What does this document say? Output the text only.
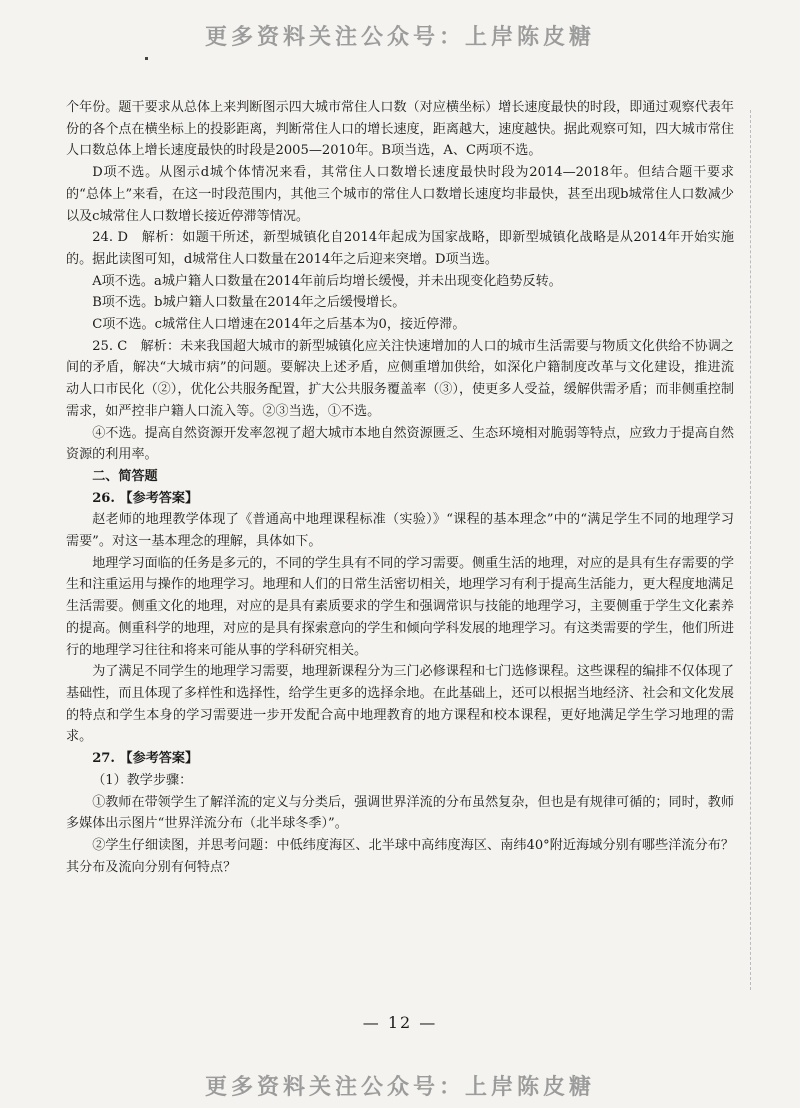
更多资料关注公众号：上岸陈皮糖

个年份。题干要求从总体上来判断图示四大城市常住人口数（对应横坐标）增长速度最快的时段，即通过观察代表年份的各个点在横坐标上的投影距离，判断常住人口的增长速度，距离越大，速度越快。据此观察可知，四大城市常住人口数总体上增长速度最快的时段是2005—2010年。B项当选，A、C两项不选。

D项不选。从图示d城个体情况来看，其常住人口数增长速度最快时段为2014—2018年。但结合题干要求的“总体上”来看，在这一时段范围内，其他三个城市的常住人口数增长速度均非最快，甚至出现b城常住人口数减少以及c城常住人口数增长接近停滞等情况。

24. D　解析：如题干所述，新型城镇化自2014年起成为国家战略，即新型城镇化战略是从2014年开始实施的。据此读图可知，d城常住人口数量在2014年之后迎来突增。D项当选。

A项不选。a城户籍人口数量在2014年前后均增长缓慢，并未出现变化趋势反转。

B项不选。b城户籍人口数量在2014年之后缓慢增长。

C项不选。c城常住人口增速在2014年之后基本为0，接近停滞。

25. C　解析：未来我国超大城市的新型城镇化应关注快速增加的人口的城市生活需要与物质文化供给不协调之间的矛盾，解决“大城市病”的问题。要解决上述矛盾，应侧重增加供给，如深化户籍制度改革与文化建设，推进流动人口市民化（②），优化公共服务配置，扩大公共服务覆盖率（③），使更多人受益，缓解供需矛盾；而非侧重控制需求，如严控非户籍人口流入等。②③当选，①不选。

④不选。提高自然资源开发率忽视了超大城市本地自然资源匮乏、生态环境相对脆弱等特点，应致力于提高自然资源的利用率。

二、简答题

26. 【参考答案】

赵老师的地理教学体现了《普通高中地理课程标准（实验）》“课程的基本理念”中的“满足学生不同的地理学习需要”。对这一基本理念的理解，具体如下。

地理学习面临的任务是多元的，不同的学生具有不同的学习需要。侧重生活的地理，对应的是具有生存需要的学生和注重运用与操作的地理学习。地理和人们的日常生活密切相关，地理学习有利于提高生活能力，更大程度地满足生活需要。侧重文化的地理，对应的是具有素质要求的学生和强调常识与技能的地理学习，主要侧重于学生文化素养的提高。侧重科学的地理，对应的是具有探索意向的学生和倾向学科发展的地理学习。有这类需要的学生，他们所进行的地理学习往往和将来可能从事的学科研究相关。

为了满足不同学生的地理学习需要，地理新课程分为三门必修课程和七门选修课程。这些课程的编排不仅体现了基础性，而且体现了多样性和选择性，给学生更多的选择余地。在此基础上，还可以根据当地经济、社会和文化发展的特点和学生本身的学习需要进一步开发配合高中地理教育的地方课程和校本课程，更好地满足学生学习地理的需求。

27. 【参考答案】

（1）教学步骤：

①教师在带领学生了解洋流的定义与分类后，强调世界洋流的分布虽然复杂，但也是有规律可循的；同时，教师多媒体出示图片“世界洋流分布（北半球冬季）”。

②学生仔细读图，并思考问题：中低纬度海区、北半球中高纬度海区、南纬40°附近海域分别有哪些洋流分布？其分布及流向分别有何特点？

— 12 —
更多资料关注公众号：上岸陈皮糖
